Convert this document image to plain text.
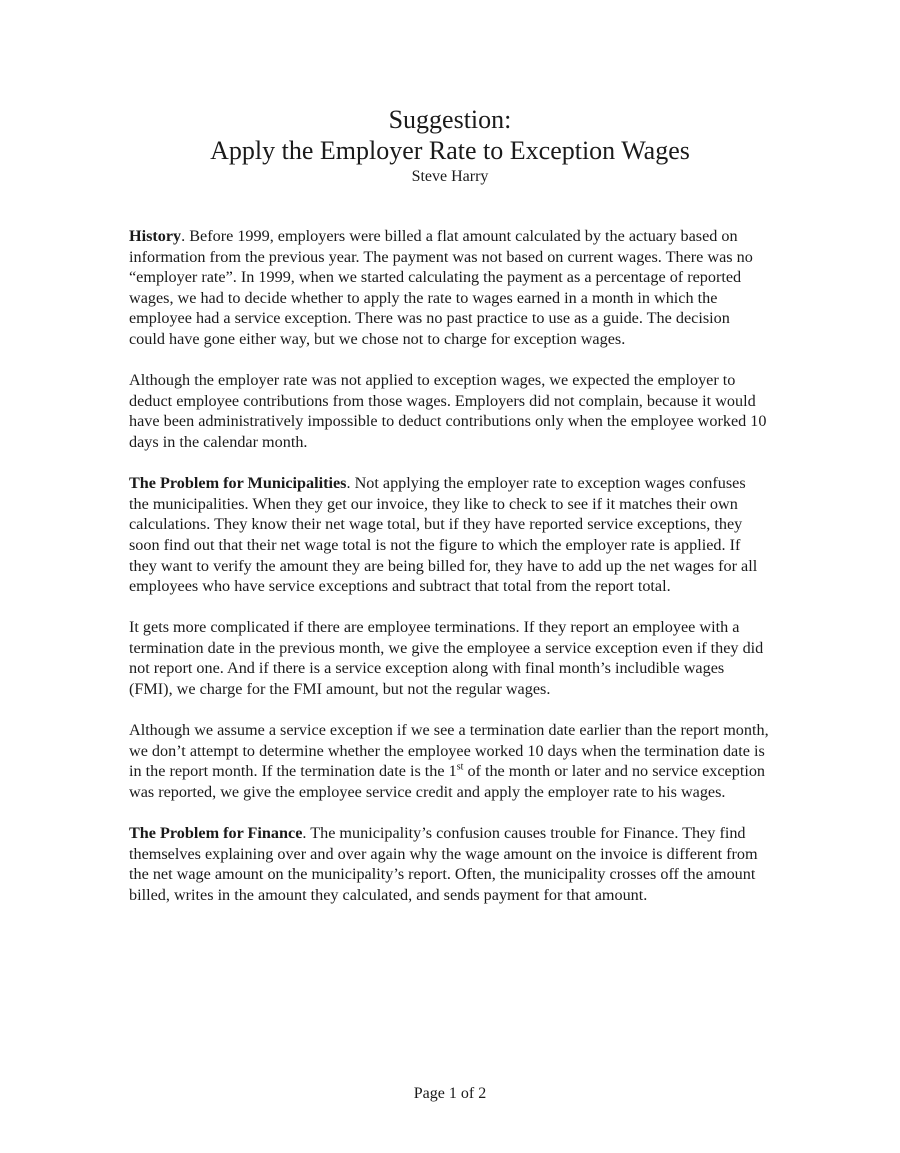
Suggestion:
Apply the Employer Rate to Exception Wages
Steve Harry

History. Before 1999, employers were billed a flat amount calculated by the actuary based on information from the previous year. The payment was not based on current wages. There was no “employer rate”. In 1999, when we started calculating the payment as a percentage of reported wages, we had to decide whether to apply the rate to wages earned in a month in which the employee had a service exception. There was no past practice to use as a guide. The decision could have gone either way, but we chose not to charge for exception wages.

Although the employer rate was not applied to exception wages, we expected the employer to deduct employee contributions from those wages. Employers did not complain, because it would have been administratively impossible to deduct contributions only when the employee worked 10 days in the calendar month.

The Problem for Municipalities. Not applying the employer rate to exception wages confuses the municipalities. When they get our invoice, they like to check to see if it matches their own calculations. They know their net wage total, but if they have reported service exceptions, they soon find out that their net wage total is not the figure to which the employer rate is applied. If they want to verify the amount they are being billed for, they have to add up the net wages for all employees who have service exceptions and subtract that total from the report total.

It gets more complicated if there are employee terminations. If they report an employee with a termination date in the previous month, we give the employee a service exception even if they did not report one. And if there is a service exception along with final month’s includible wages (FMI), we charge for the FMI amount, but not the regular wages.

Although we assume a service exception if we see a termination date earlier than the report month, we don’t attempt to determine whether the employee worked 10 days when the termination date is in the report month. If the termination date is the 1st of the month or later and no service exception was reported, we give the employee service credit and apply the employer rate to his wages.

The Problem for Finance. The municipality’s confusion causes trouble for Finance. They find themselves explaining over and over again why the wage amount on the invoice is different from the net wage amount on the municipality’s report. Often, the municipality crosses off the amount billed, writes in the amount they calculated, and sends payment for that amount.

Page 1 of 2
